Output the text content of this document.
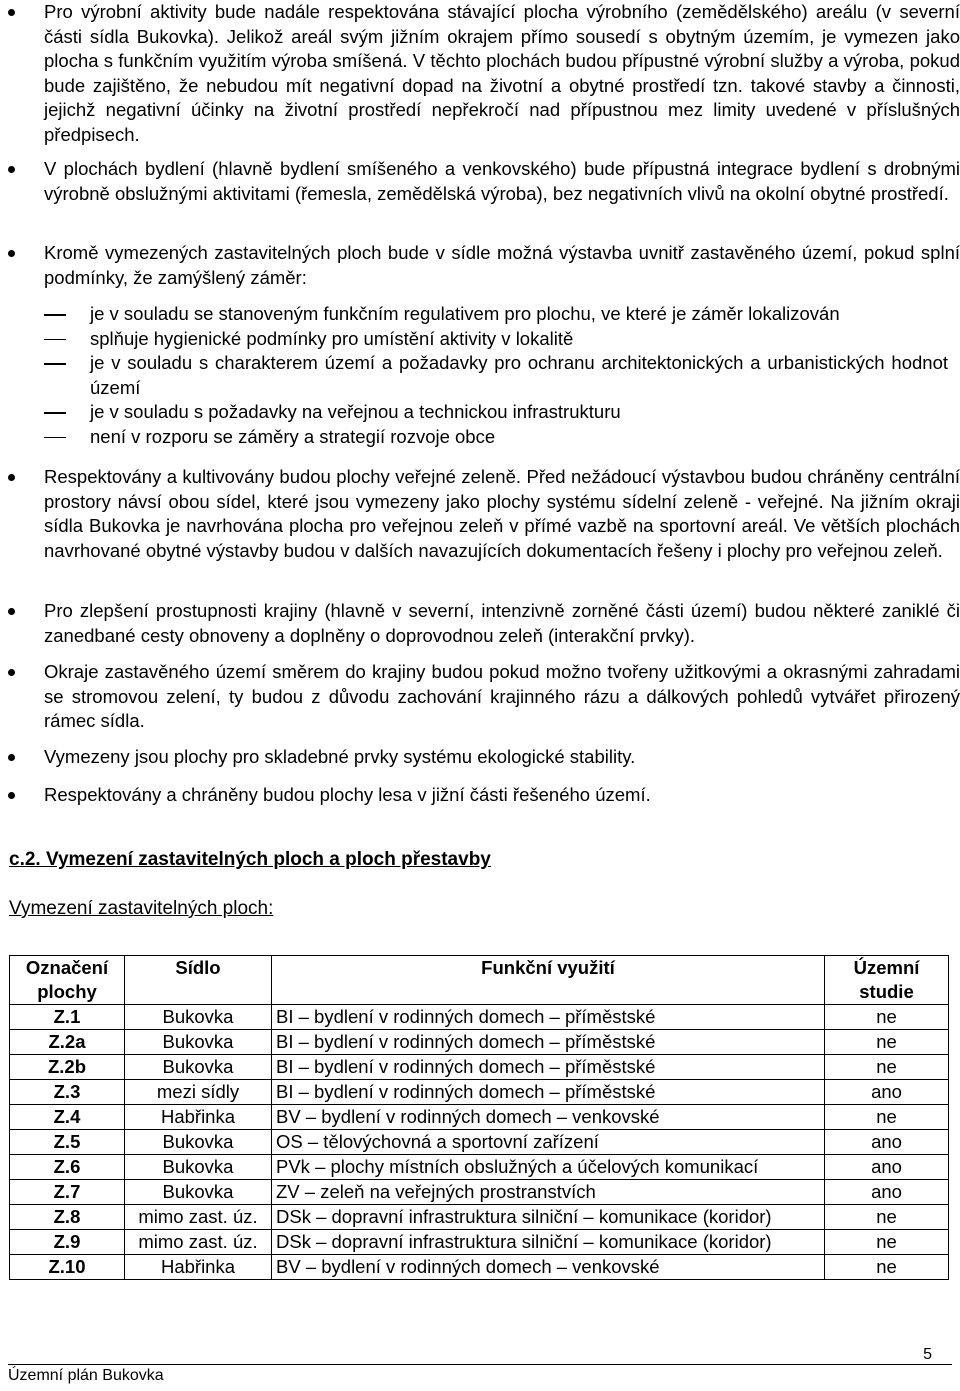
Pro výrobní aktivity bude nadále respektována stávající plocha výrobního (zemědělského) areálu (v severní části sídla Bukovka). Jelikož areál svým jižním okrajem přímo sousedí s obytným územím, je vymezen jako plocha s funkčním využitím výroba smíšená. V těchto plochách budou přípustné výrobní služby a výroba, pokud bude zajištěno, že nebudou mít negativní dopad na životní a obytné prostředí tzn. takové stavby a činnosti, jejichž negativní účinky na životní prostředí nepřekročí nad přípustnou mez limity uvedené v příslušných předpisech.
V plochách bydlení (hlavně bydlení smíšeného a venkovského) bude přípustná integrace bydlení s drobnými výrobně obslužnými aktivitami (řemesla, zemědělská výroba), bez negativních vlivů na okolní obytné prostředí.
Kromě vymezených zastavitelných ploch bude v sídle možná výstavba uvnitř zastavěného území, pokud splní podmínky, že zamýšlený záměr:
je v souladu se stanoveným funkčním regulativem pro plochu, ve které je záměr lokalizován
splňuje hygienické podmínky pro umístění aktivity v lokalitě
je v souladu s charakterem území a požadavky pro ochranu architektonických a urbanistických hodnot území
je v souladu s požadavky na veřejnou a technickou infrastrukturu
není v rozporu se záměry a strategií rozvoje obce
Respektovány a kultivovány budou plochy veřejné zeleně. Před nežádoucí výstavbou budou chráněny centrální prostory návsí obou sídel, které jsou vymezeny jako plochy systému sídelní zeleně - veřejné. Na jižním okraji sídla Bukovka je navrhována plocha pro veřejnou zeleň v přímé vazbě na sportovní areál. Ve větších plochách navrhované obytné výstavby budou v dalších navazujících dokumentacích řešeny i plochy pro veřejnou zeleň.
Pro zlepšení prostupnosti krajiny (hlavně v severní, intenzivně zorněné části území) budou některé zaniklé či zanedbané cesty obnoveny a doplněny o doprovodnou zeleň (interakční prvky).
Okraje zastavěného území směrem do krajiny budou pokud možno tvořeny užitkovými a okrasnými zahradami se stromovou zelení, ty budou z důvodu zachování krajinného rázu a dálkových pohledů vytvářet přirozený rámec sídla.
Vymezeny jsou plochy pro skladebné prvky systému ekologické stability.
Respektovány a chráněny budou plochy lesa v jižní části řešeného území.
c.2. Vymezení zastavitelných ploch a ploch přestavby
Vymezení zastavitelných ploch:
Označení plochy	Sídlo	Funkční využití	Územní studie
Z.1	Bukovka	BI – bydlení v rodinných domech – příměstské	ne
Z.2a	Bukovka	BI – bydlení v rodinných domech – příměstské	ne
Z.2b	Bukovka	BI – bydlení v rodinných domech – příměstské	ne
Z.3	mezi sídly	BI – bydlení v rodinných domech – příměstské	ano
Z.4	Habřinka	BV – bydlení v rodinných domech – venkovské	ne
Z.5	Bukovka	OS – tělovýchovná a sportovní zařízení	ano
Z.6	Bukovka	PVk – plochy místních obslužných a účelových komunikací	ano
Z.7	Bukovka	ZV – zeleň na veřejných prostranstvích	ano
Z.8	mimo zast. úz.	DSk – dopravní infrastruktura silniční – komunikace (koridor)	ne
Z.9	mimo zast. úz.	DSk – dopravní infrastruktura silniční – komunikace (koridor)	ne
Z.10	Habřinka	BV – bydlení v rodinných domech – venkovské	ne
5
Územní plán Bukovka
